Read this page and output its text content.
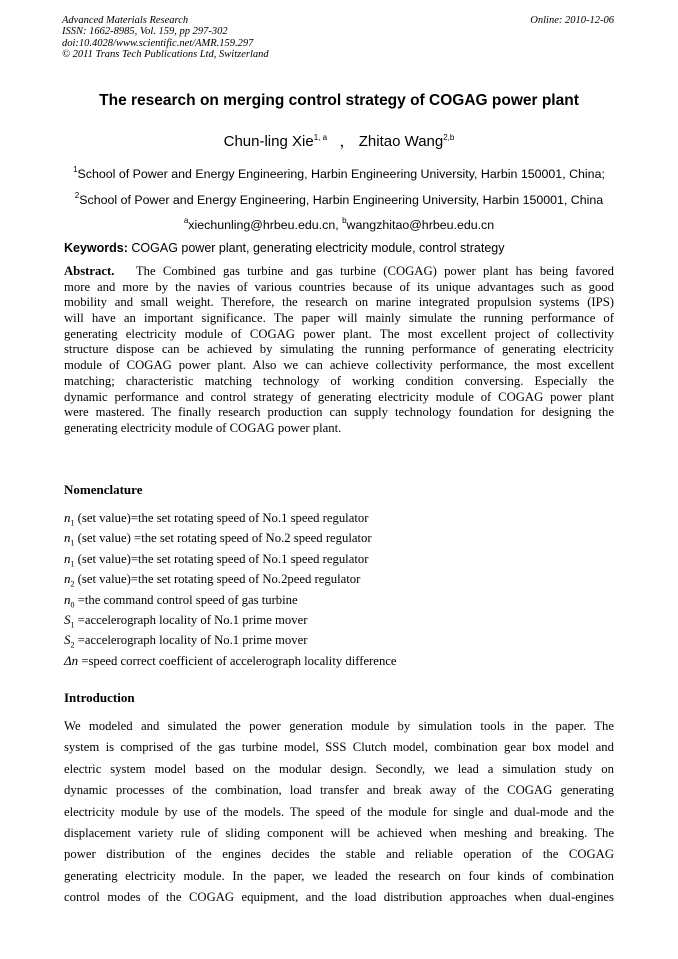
Advanced Materials Research
ISSN: 1662-8985, Vol. 159, pp 297-302
doi:10.4028/www.scientific.net/AMR.159.297
© 2011 Trans Tech Publications Ltd, Switzerland
Online: 2010-12-06
The research on merging control strategy of COGAG power plant
Chun-ling Xie$^{1, a}$ ， Zhitao Wang$^{2,b}$
$^1$School of Power and Energy Engineering, Harbin Engineering University, Harbin 150001, China;
$^2$School of Power and Energy Engineering, Harbin Engineering University, Harbin 150001, China
$^a$xiechunling@hrbeu.edu.cn, $^b$wangzhitao@hrbeu.edu.cn
Keywords: COGAG power plant, generating electricity module, control strategy
Abstract.   The Combined gas turbine and gas turbine (COGAG) power plant has being favored
more and more by the navies of various countries because of its unique advantages such as good
mobility and small weight. Therefore, the research on marine integrated propulsion systems (IPS)
will have an important significance. The paper will mainly simulate the running performance of
generating electricity module of COGAG power plant. The most excellent project of collectivity
structure dispose can be achieved by simulating the running performance of generating electricity
module of COGAG power plant. Also we can achieve collectivity performance, the most excellent
matching; characteristic matching technology of working condition conversing. Especially the
dynamic performance and control strategy of generating electricity module of COGAG power plant
were mastered. The finally research production can supply technology foundation for designing the
generating electricity module of COGAG power plant.
Nomenclature
$n_1$ (set value)=the set rotating speed of No.1 speed regulator
$n_1$ (set value) =the set rotating speed of No.2 speed regulator
$n_1$ (set value)=the set rotating speed of No.1 speed regulator
$n_2$ (set value)=the set rotating speed of No.2peed regulator
$n_0 =the$ command control speed of gas turbine
$S_1$ =accelerograph locality of No.1 prime mover
$S_2$ =accelerograph locality of No.1 prime mover
Δn =speed correct coefficient of accelerograph locality difference
Introduction
We modeled and simulated the power generation module by simulation tools in the paper. The
system is comprised of the gas turbine model, SSS Clutch model, combination gear box model and
electric system model based on the modular design. Secondly, we lead a simulation study on
dynamic processes of the combination, load transfer and break away of the COGAG generating
electricity module by use of the models. The speed of the module for single and dual-mode and the
displacement variety rule of sliding component will be achieved when meshing and breaking. The
power distribution of the engines decides the stable and reliable operation of the COGAG
generating electricity module. In the paper, we leaded the research on four kinds of combination
control modes of the COGAG equipment, and the load distribution approaches when dual-engines
